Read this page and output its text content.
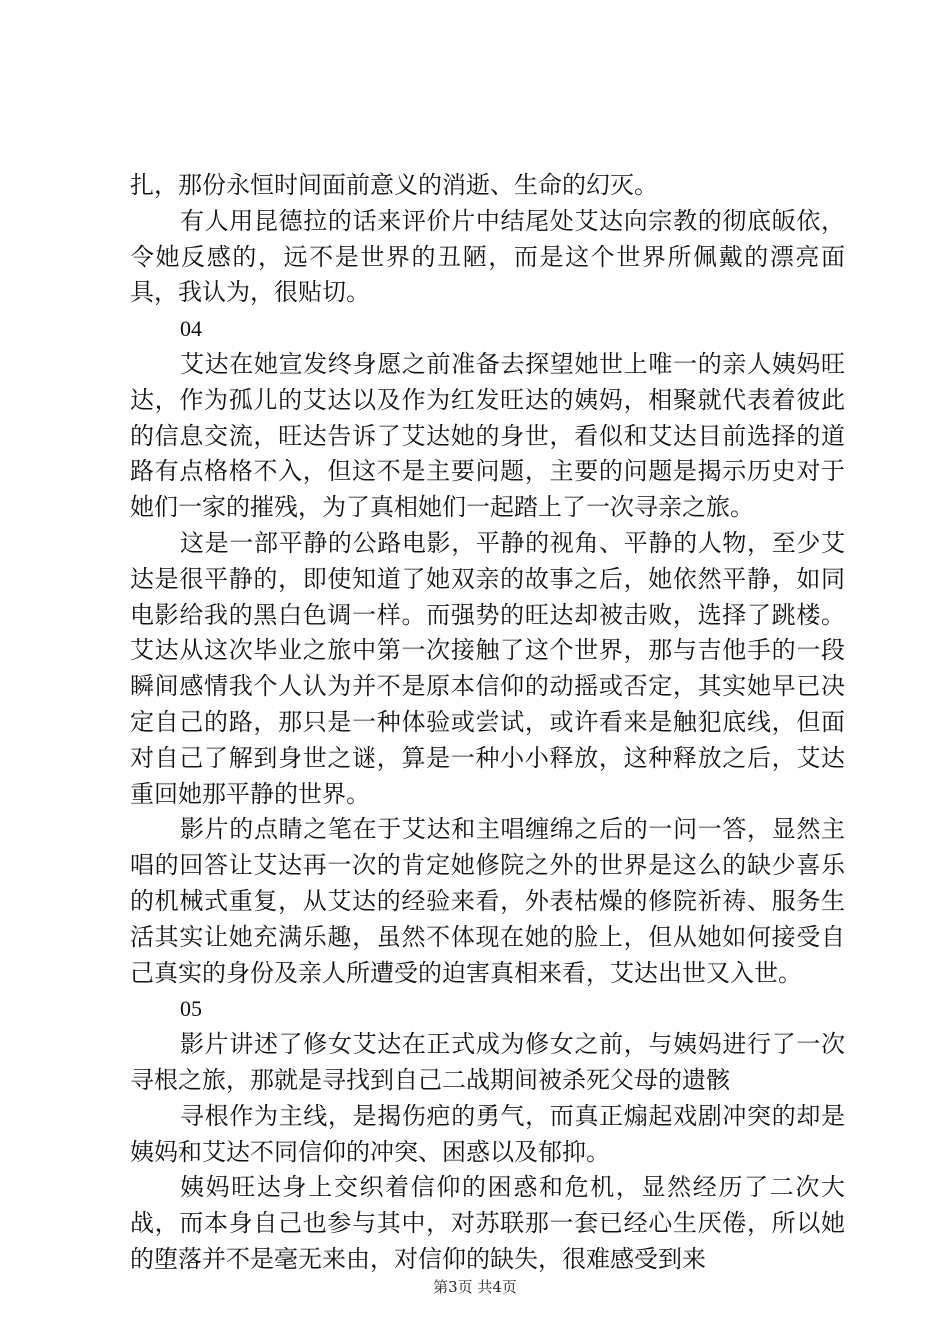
扎，那份永恒时间面前意义的消逝、生命的幻灭。

有人用昆德拉的话来评价片中结尾处艾达向宗教的彻底皈依，令她反感的，远不是世界的丑陋，而是这个世界所佩戴的漂亮面具，我认为，很贴切。

04

艾达在她宣发终身愿之前准备去探望她世上唯一的亲人姨妈旺达，作为孤儿的艾达以及作为红发旺达的姨妈，相聚就代表着彼此的信息交流，旺达告诉了艾达她的身世，看似和艾达目前选择的道路有点格格不入，但这不是主要问题，主要的问题是揭示历史对于她们一家的摧残，为了真相她们一起踏上了一次寻亲之旅。

这是一部平静的公路电影，平静的视角、平静的人物，至少艾达是很平静的，即使知道了她双亲的故事之后，她依然平静，如同电影给我的黑白色调一样。而强势的旺达却被击败，选择了跳楼。艾达从这次毕业之旅中第一次接触了这个世界，那与吉他手的一段瞬间感情我个人认为并不是原本信仰的动摇或否定，其实她早已决定自己的路，那只是一种体验或尝试，或许看来是触犯底线，但面对自己了解到身世之谜，算是一种小小释放，这种释放之后，艾达重回她那平静的世界。

影片的点睛之笔在于艾达和主唱缠绵之后的一问一答，显然主唱的回答让艾达再一次的肯定她修院之外的世界是这么的缺少喜乐的机械式重复，从艾达的经验来看，外表枯燥的修院祈祷、服务生活其实让她充满乐趣，虽然不体现在她的脸上，但从她如何接受自己真实的身份及亲人所遭受的迫害真相来看，艾达出世又入世。

05

影片讲述了修女艾达在正式成为修女之前，与姨妈进行了一次寻根之旅，那就是寻找到自己二战期间被杀死父母的遗骸

寻根作为主线，是揭伤疤的勇气，而真正煽起戏剧冲突的却是姨妈和艾达不同信仰的冲突、困惑以及郁抑。

姨妈旺达身上交织着信仰的困惑和危机，显然经历了二次大战，而本身自己也参与其中，对苏联那一套已经心生厌倦，所以她的堕落并不是毫无来由，对信仰的缺失，很难感受到来

第3页 共4页
